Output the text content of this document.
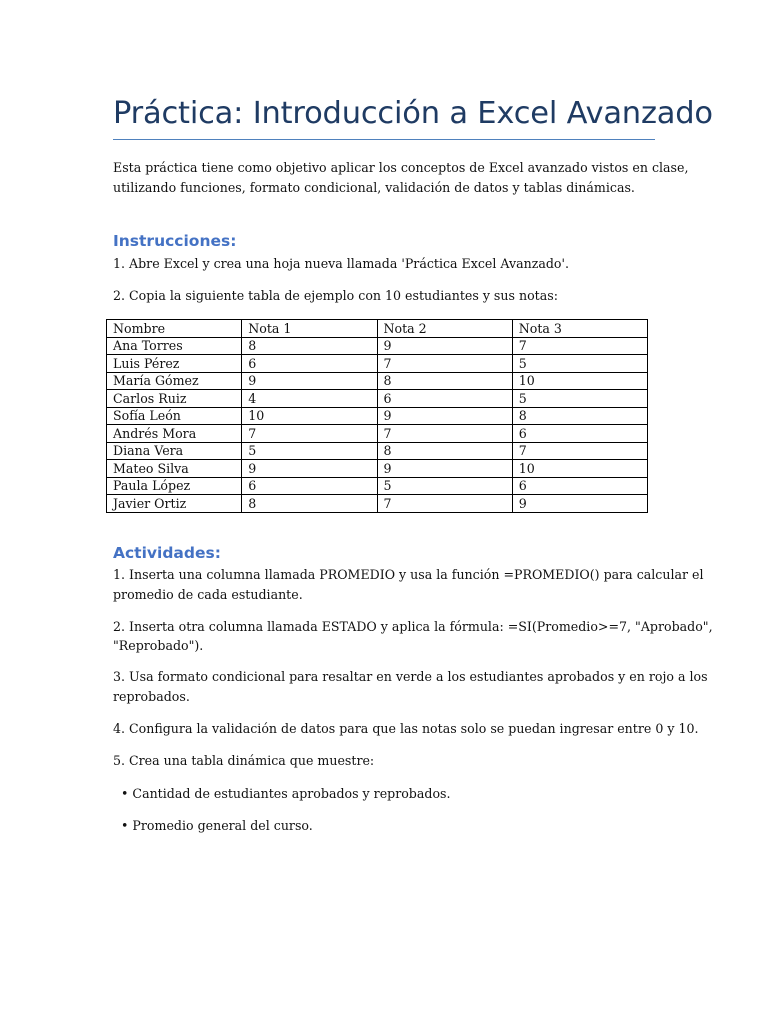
Práctica: Introducción a Excel Avanzado
Esta práctica tiene como objetivo aplicar los conceptos de Excel avanzado vistos en clase,
utilizando funciones, formato condicional, validación de datos y tablas dinámicas.
Instrucciones:
1. Abre Excel y crea una hoja nueva llamada 'Práctica Excel Avanzado'.
2. Copia la siguiente tabla de ejemplo con 10 estudiantes y sus notas:
Nombre	Nota 1	Nota 2	Nota 3
Ana Torres	8	9	7
Luis Pérez	6	7	5
María Gómez	9	8	10
Carlos Ruiz	4	6	5
Sofía León	10	9	8
Andrés Mora	7	7	6
Diana Vera	5	8	7
Mateo Silva	9	9	10
Paula López	6	5	6
Javier Ortiz	8	7	9
Actividades:
1. Inserta una columna llamada PROMEDIO y usa la función =PROMEDIO() para calcular el
promedio de cada estudiante.
2. Inserta otra columna llamada ESTADO y aplica la fórmula: =SI(Promedio>=7, "Aprobado",
"Reprobado").
3. Usa formato condicional para resaltar en verde a los estudiantes aprobados y en rojo a los
reprobados.
4. Configura la validación de datos para que las notas solo se puedan ingresar entre 0 y 10.
5. Crea una tabla dinámica que muestre:
• Cantidad de estudiantes aprobados y reprobados.
• Promedio general del curso.
